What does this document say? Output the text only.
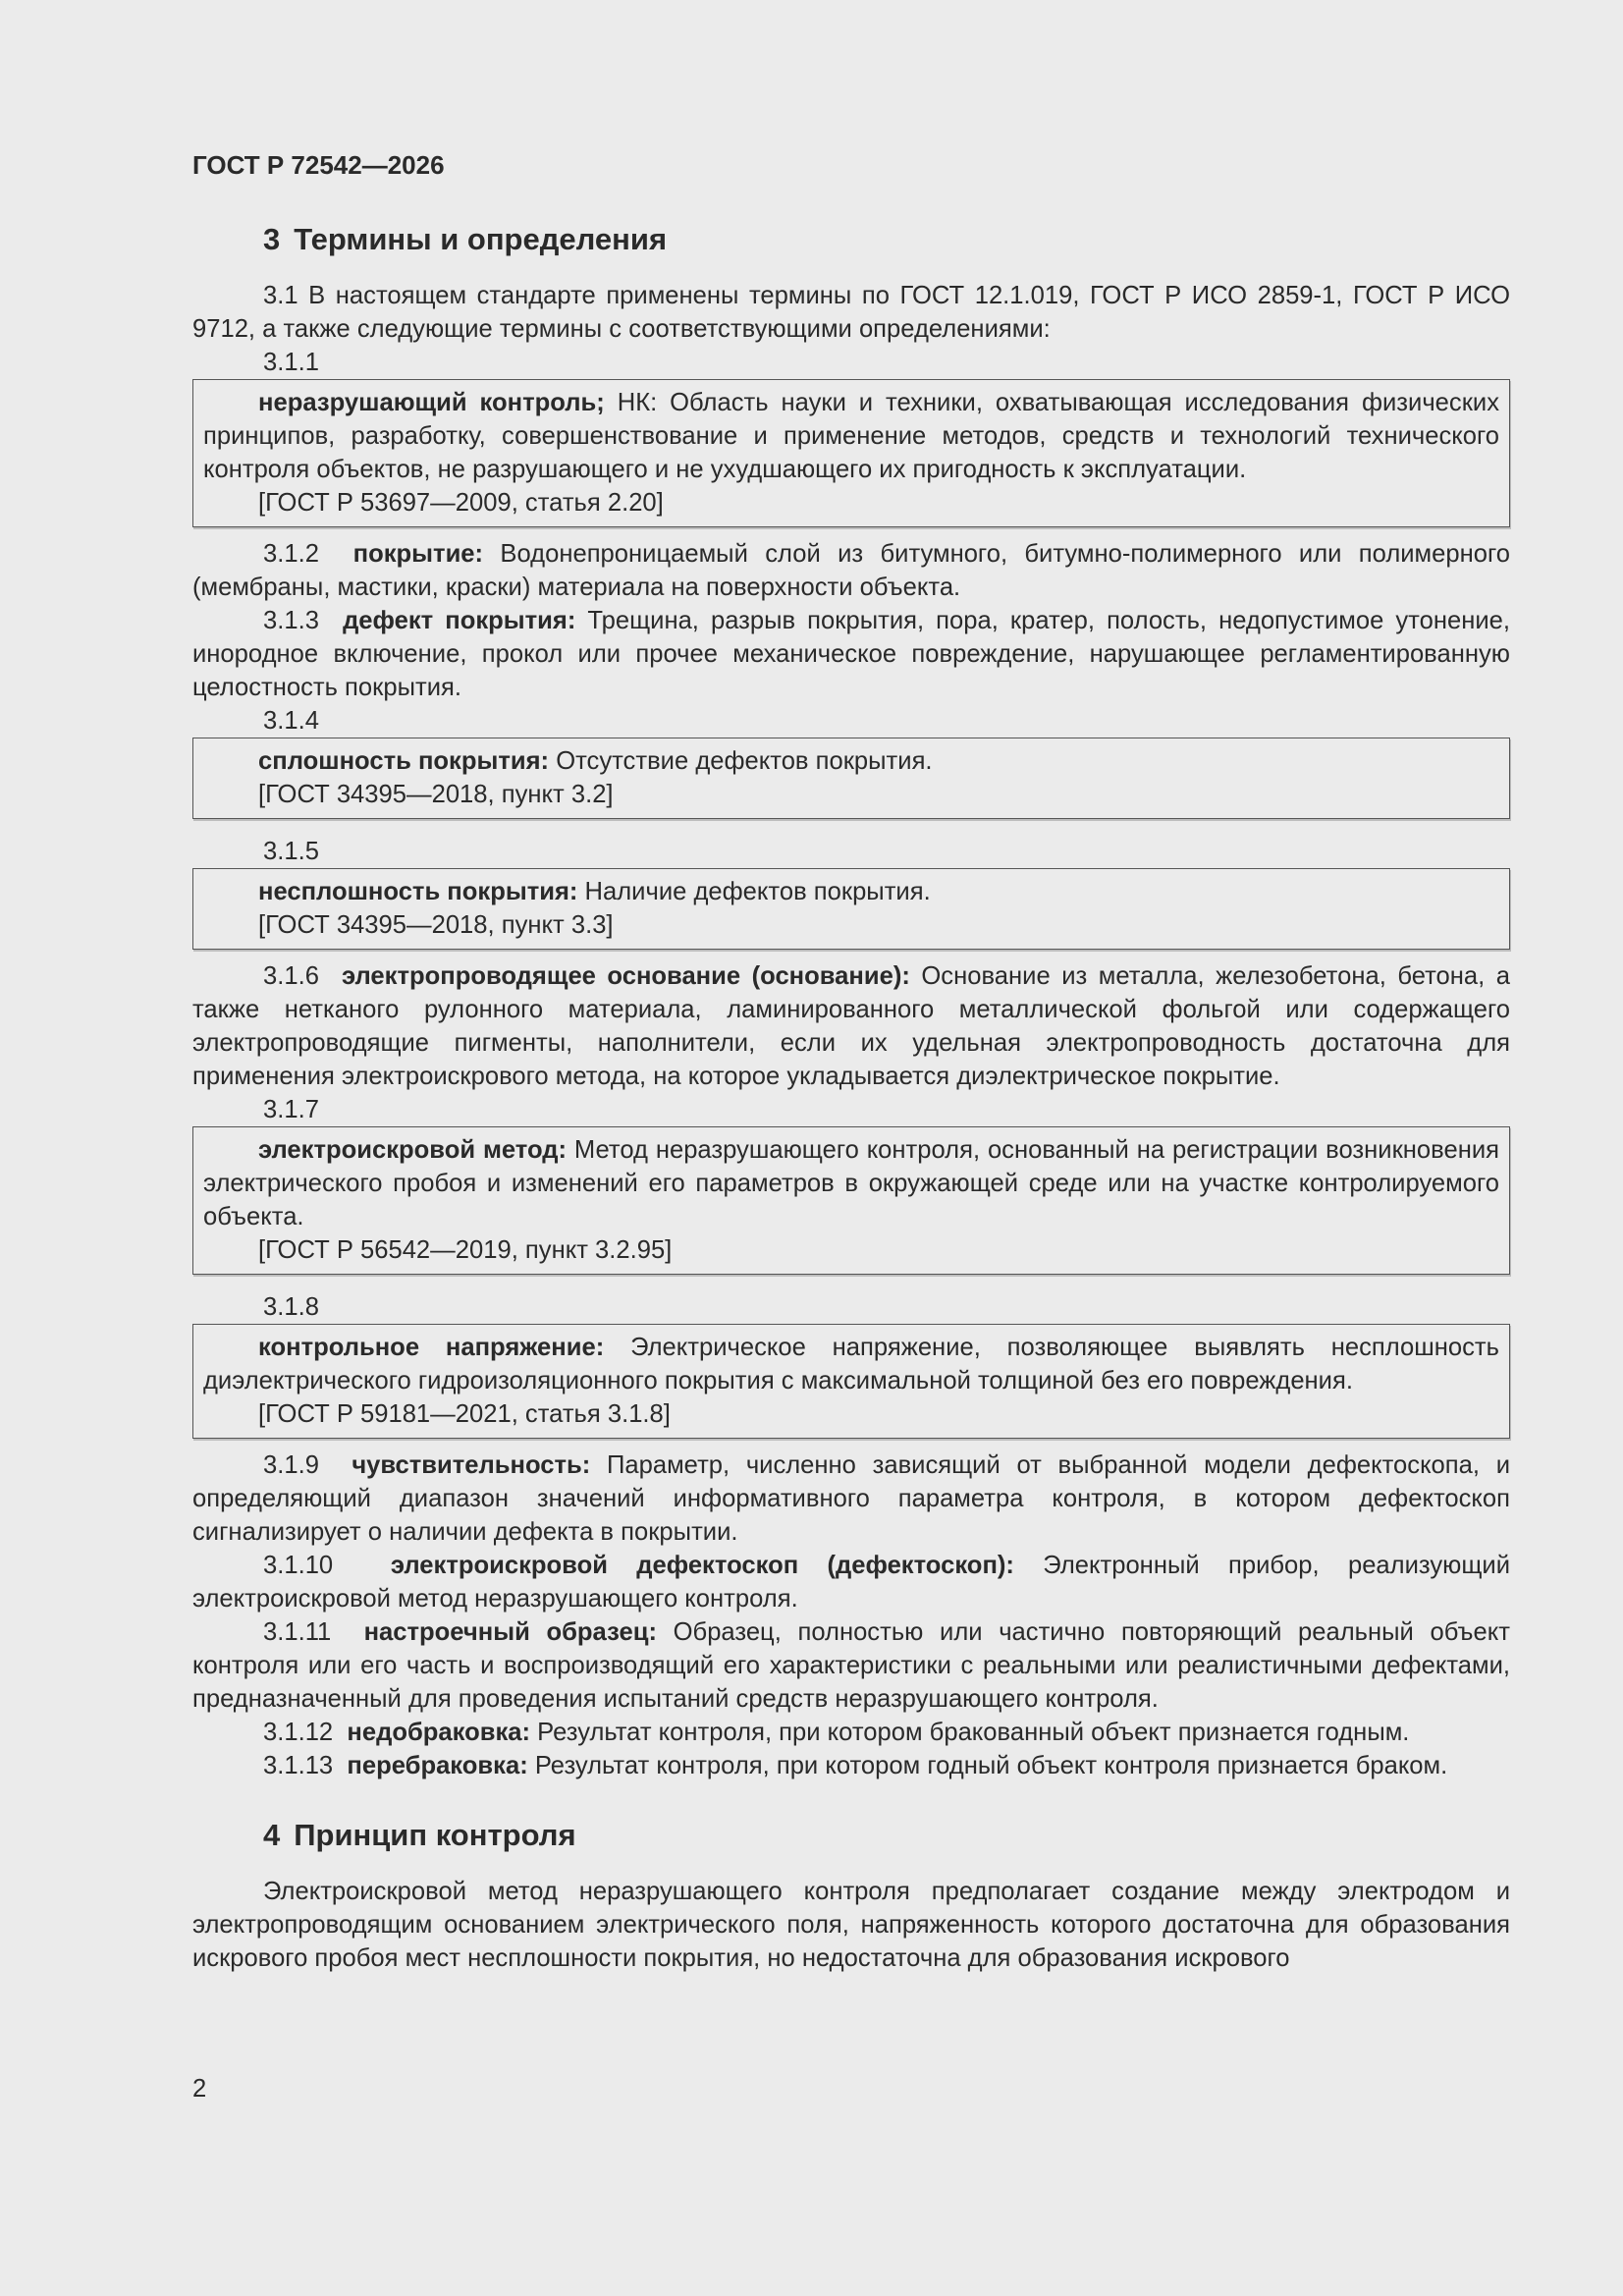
ГОСТ Р 72542—2026
3 Термины и определения

3.1 В настоящем стандарте применены термины по ГОСТ 12.1.019, ГОСТ Р ИСО 2859-1, ГОСТ Р ИСО 9712, а также следующие термины с соответствующими определениями:

3.1.1

неразрушающий контроль; НК: Область науки и техники, охватывающая исследования физических принципов, разработку, совершенствование и применение методов, средств и технологий технического контроля объектов, не разрушающего и не ухудшающего их пригодность к эксплуатации.

[ГОСТ Р 53697—2009, статья 2.20]

3.1.2 покрытие: Водонепроницаемый слой из битумного, битумно-полимерного или полимерного (мембраны, мастики, краски) материала на поверхности объекта.

3.1.3 дефект покрытия: Трещина, разрыв покрытия, пора, кратер, полость, недопустимое утонение, инородное включение, прокол или прочее механическое повреждение, нарушающее регламентированную целостность покрытия.

3.1.4

сплошность покрытия: Отсутствие дефектов покрытия.

[ГОСТ 34395—2018, пункт 3.2]

3.1.5

несплошность покрытия: Наличие дефектов покрытия.

[ГОСТ 34395—2018, пункт 3.3]

3.1.6 электропроводящее основание (основание): Основание из металла, железобетона, бетона, а также нетканого рулонного материала, ламинированного металлической фольгой или содержащего электропроводящие пигменты, наполнители, если их удельная электропроводность достаточна для применения электроискрового метода, на которое укладывается диэлектрическое покрытие.

3.1.7

электроискровой метод: Метод неразрушающего контроля, основанный на регистрации возникновения электрического пробоя и изменений его параметров в окружающей среде или на участке контролируемого объекта.

[ГОСТ Р 56542—2019, пункт 3.2.95]

3.1.8

контрольное напряжение: Электрическое напряжение, позволяющее выявлять несплошность диэлектрического гидроизоляционного покрытия с максимальной толщиной без его повреждения.

[ГОСТ Р 59181—2021, статья 3.1.8]

3.1.9 чувствительность: Параметр, численно зависящий от выбранной модели дефектоскопа, и определяющий диапазон значений информативного параметра контроля, в котором дефектоскоп сигнализирует о наличии дефекта в покрытии.

3.1.10 электроискровой дефектоскоп (дефектоскоп): Электронный прибор, реализующий электроискровой метод неразрушающего контроля.

3.1.11 настроечный образец: Образец, полностью или частично повторяющий реальный объект контроля или его часть и воспроизводящий его характеристики с реальными или реалистичными дефектами, предназначенный для проведения испытаний средств неразрушающего контроля.

3.1.12 недобраковка: Результат контроля, при котором бракованный объект признается годным.

3.1.13 перебраковка: Результат контроля, при котором годный объект контроля признается браком.

4 Принцип контроля

Электроискровой метод неразрушающего контроля предполагает создание между электродом и электропроводящим основанием электрического поля, напряженность которого достаточна для образования искрового пробоя мест несплошности покрытия, но недостаточна для образования искрового

2
